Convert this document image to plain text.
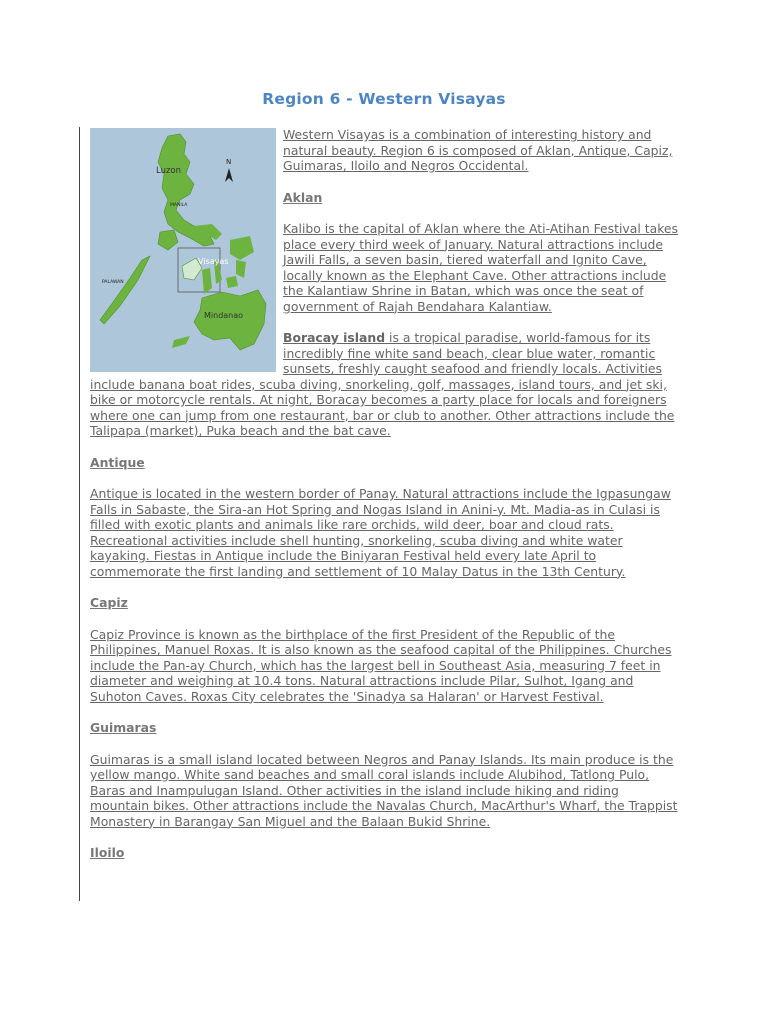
Region 6 - Western Visayas
Luzon
MANILA
Visayas
PALAWAN
Mindanao
N

Western Visayas is a combination of interesting history and natural beauty. Region 6 is composed of Aklan, Antique, Capiz, Guimaras, Iloilo and Negros Occidental.

Aklan

Kalibo is the capital of Aklan where the Ati-Atihan Festival takes place every third week of January. Natural attractions include Jawili Falls, a seven basin, tiered waterfall and Ignito Cave, locally known as the Elephant Cave. Other attractions include the Kalantiaw Shrine in Batan, which was once the seat of government of Rajah Bendahara Kalantiaw.

Boracay island is a tropical paradise, world-famous for its incredibly fine white sand beach, clear blue water, romantic sunsets, freshly caught seafood and friendly locals. Activities include banana boat rides, scuba diving, snorkeling, golf, massages, island tours, and jet ski, bike or motorcycle rentals. At night, Boracay becomes a party place for locals and foreigners where one can jump from one restaurant, bar or club to another. Other attractions include the Talipapa (market), Puka beach and the bat cave.

Antique

Antique is located in the western border of Panay. Natural attractions include the Igpasungaw Falls in Sabaste, the Sira-an Hot Spring and Nogas Island in Anini-y. Mt. Madia-as in Culasi is filled with exotic plants and animals like rare orchids, wild deer, boar and cloud rats. Recreational activities include shell hunting, snorkeling, scuba diving and white water kayaking. Fiestas in Antique include the Biniyaran Festival held every late April to commemorate the first landing and settlement of 10 Malay Datus in the 13th Century.

Capiz

Capiz Province is known as the birthplace of the first President of the Republic of the Philippines, Manuel Roxas. It is also known as the seafood capital of the Philippines. Churches include the Pan-ay Church, which has the largest bell in Southeast Asia, measuring 7 feet in diameter and weighing at 10.4 tons. Natural attractions include Pilar, Sulhot, Igang and Suhoton Caves. Roxas City celebrates the 'Sinadya sa Halaran' or Harvest Festival.

Guimaras

Guimaras is a small island located between Negros and Panay Islands. Its main produce is the yellow mango. White sand beaches and small coral islands include Alubihod, Tatlong Pulo, Baras and Inampulugan Island. Other activities in the island include hiking and riding mountain bikes. Other attractions include the Navalas Church, MacArthur's Wharf, the Trappist Monastery in Barangay San Miguel and the Balaan Bukid Shrine.

Iloilo
